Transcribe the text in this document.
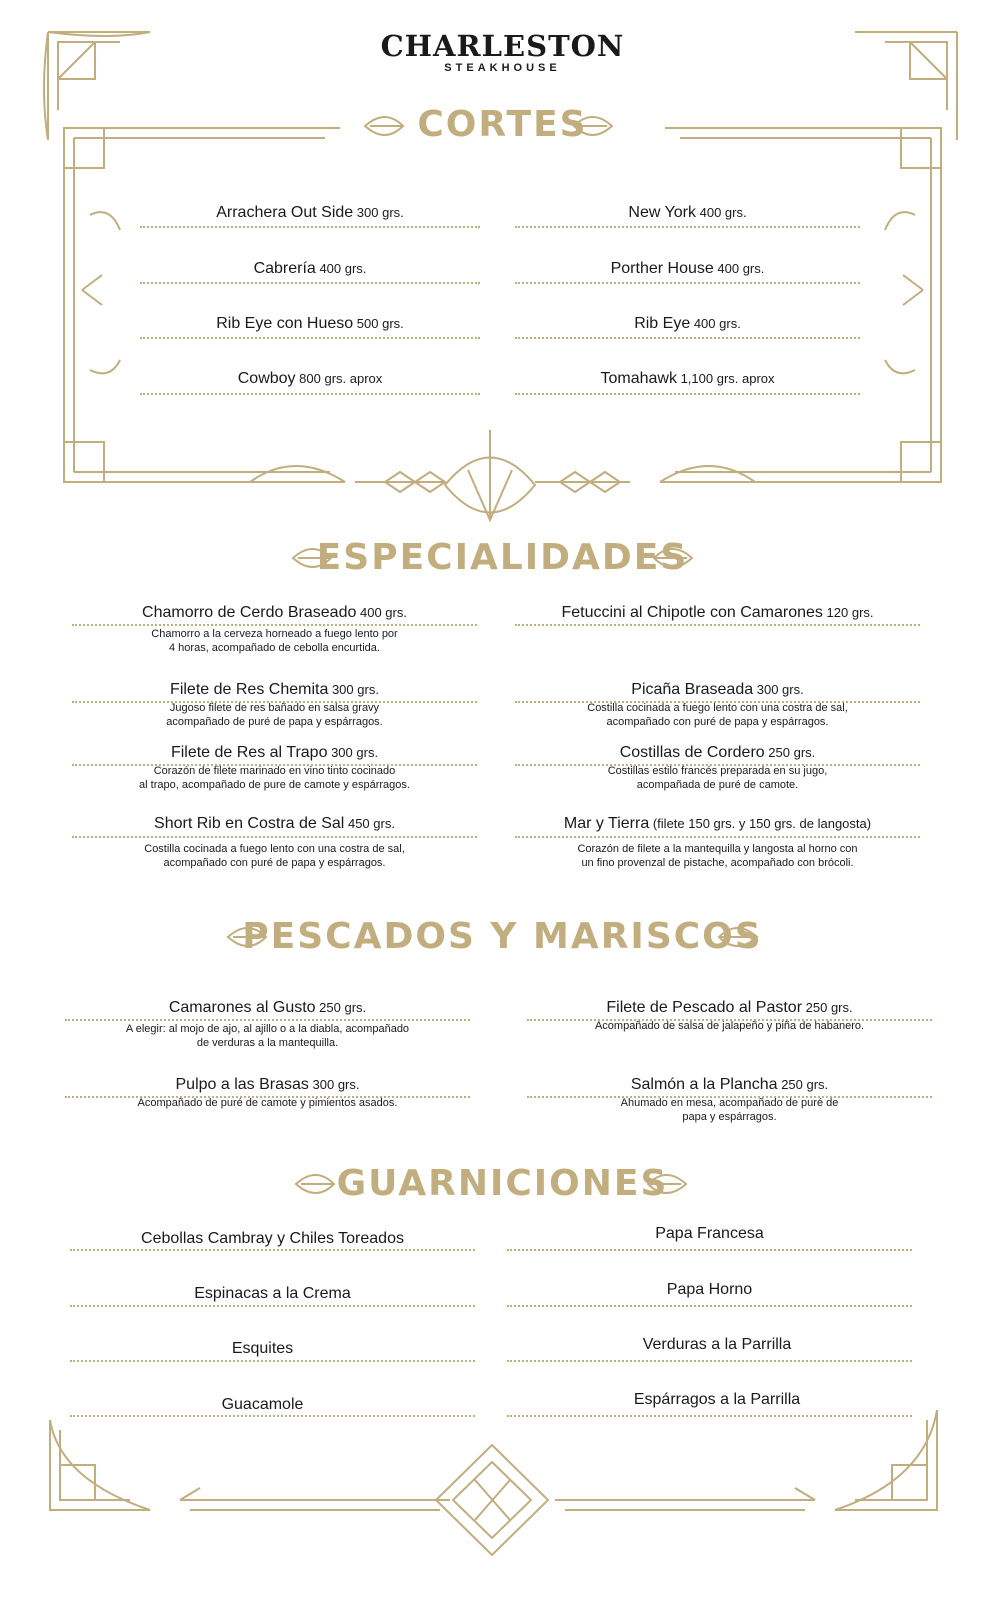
CHARLESTON
STEAKHOUSE
CORTES
Arrachera Out Side 300 grs.	New York 400 grs.
Cabrería 400 grs.	Porther House 400 grs.
Rib Eye con Hueso 500 grs.	Rib Eye 400 grs.
Cowboy 800 grs. aprox	Tomahawk 1,100 grs. aprox
ESPECIALIDADES
Chamorro de Cerdo Braseado 400 grs.
Chamorro a la cerveza horneado a fuego lento por
4 horas, acompañado de cebolla encurtida.
Fetuccini al Chipotle con Camarones 120 grs.
Filete de Res Chemita 300 grs.
Jugoso filete de res bañado en salsa gravy
acompañado de puré de papa y espárragos.
Picaña Braseada 300 grs.
Costilla cocinada a fuego lento con una costra de sal,
acompañado con puré de papa y espárragos.
Filete de Res al Trapo 300 grs.
Corazón de filete marinado en vino tinto cocinado
al trapo, acompañado de pure de camote y espárragos.
Costillas de Cordero 250 grs.
Costillas estilo francés preparada en su jugo,
acompañada de puré de camote.
Short Rib en Costra de Sal 450 grs.
Costilla cocinada a fuego lento con una costra de sal,
acompañado con puré de papa y espárragos.
Mar y Tierra (filete 150 grs. y 150 grs. de langosta)
Corazón de filete a la mantequilla y langosta al horno con
un fino provenzal de pistache, acompañado con brócoli.
PESCADOS Y MARISCOS
Camarones al Gusto 250 grs.
A elegir: al mojo de ajo, al ajillo o a la diabla, acompañado
de verduras a la mantequilla.
Filete de Pescado al Pastor 250 grs.
Acompañado de salsa de jalapeño y piña de habanero.
Pulpo a las Brasas 300 grs.
Acompañado de puré de camote y pimientos asados.
Salmón a la Plancha 250 grs.
Ahumado en mesa, acompañado de puré de
papa y espárragos.
GUARNICIONES
Cebollas Cambray y Chiles Toreados	Papa Francesa
Espinacas a la Crema	Papa Horno
Esquites	Verduras a la Parrilla
Guacamole	Espárragos a la Parrilla
